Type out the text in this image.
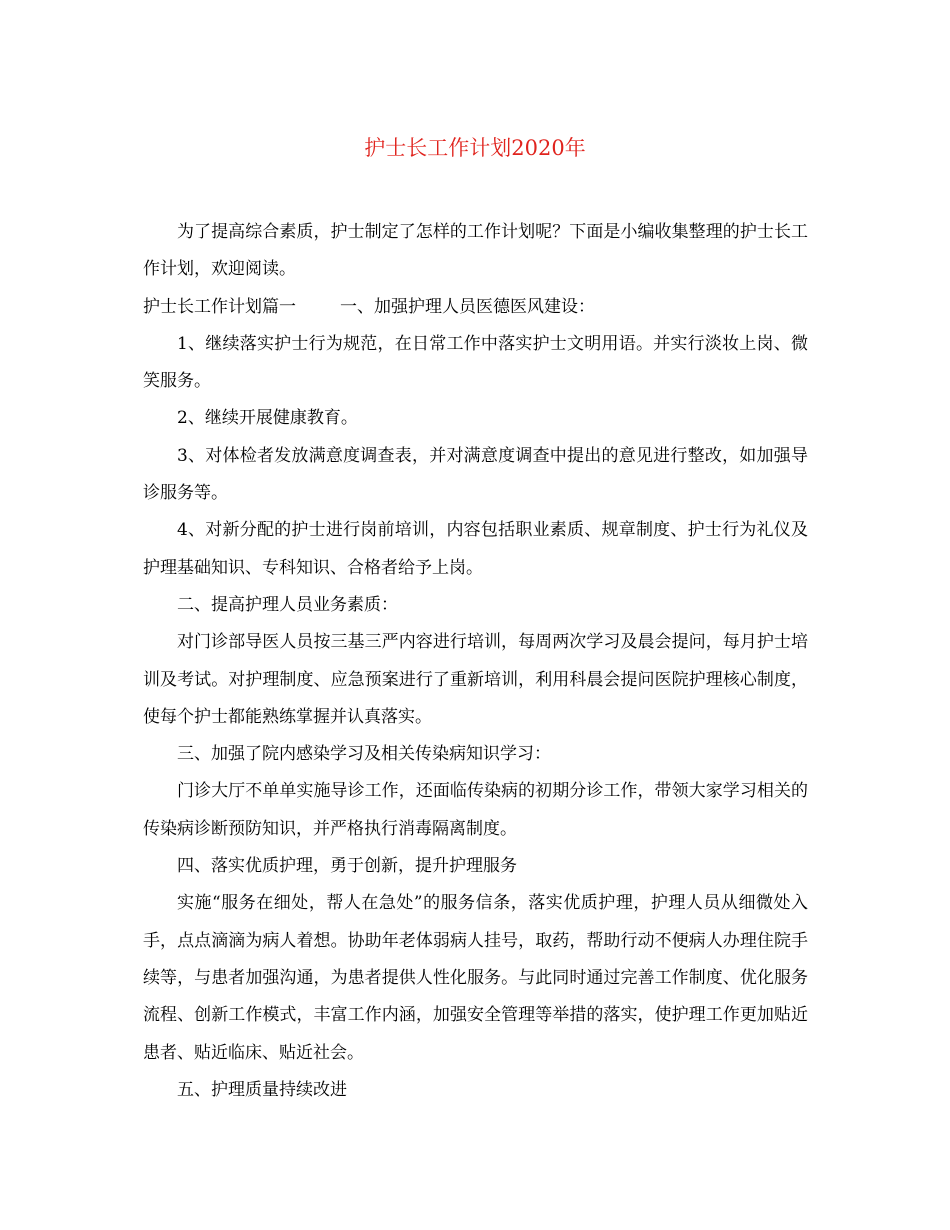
护士长工作计划2020年

为了提高综合素质，护士制定了怎样的工作计划呢？下面是小编收集整理的护士长工作计划，欢迎阅读。

护士长工作计划篇一	一、加强护理人员医德医风建设：

1、继续落实护士行为规范，在日常工作中落实护士文明用语。并实行淡妆上岗、微笑服务。

2、继续开展健康教育。

3、对体检者发放满意度调查表，并对满意度调查中提出的意见进行整改，如加强导诊服务等。

4、对新分配的护士进行岗前培训，内容包括职业素质、规章制度、护士行为礼仪及护理基础知识、专科知识、合格者给予上岗。

二、提高护理人员业务素质：

对门诊部导医人员按三基三严内容进行培训，每周两次学习及晨会提问，每月护士培训及考试。对护理制度、应急预案进行了重新培训，利用科晨会提问医院护理核心制度，使每个护士都能熟练掌握并认真落实。

三、加强了院内感染学习及相关传染病知识学习：

门诊大厅不单单实施导诊工作，还面临传染病的初期分诊工作，带领大家学习相关的传染病诊断预防知识，并严格执行消毒隔离制度。

四、落实优质护理，勇于创新，提升护理服务

实施“服务在细处，帮人在急处”的服务信条，落实优质护理，护理人员从细微处入手，点点滴滴为病人着想。协助年老体弱病人挂号，取药，帮助行动不便病人办理住院手续等，与患者加强沟通，为患者提供人性化服务。与此同时通过完善工作制度、优化服务流程、创新工作模式，丰富工作内涵，加强安全管理等举措的落实，使护理工作更加贴近患者、贴近临床、贴近社会。

五、护理质量持续改进
